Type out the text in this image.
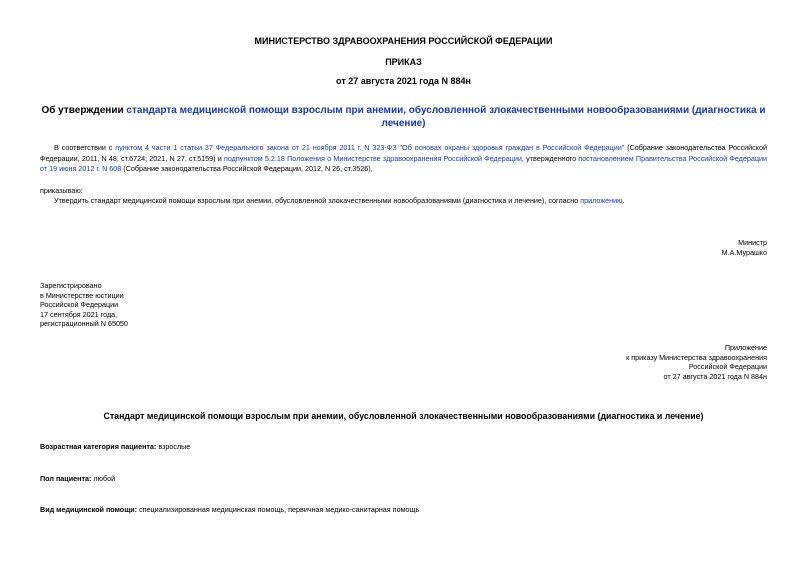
МИНИСТЕРСТВО ЗДРАВООХРАНЕНИЯ РОССИЙСКОЙ ФЕДЕРАЦИИ
ПРИКАЗ
от 27 августа 2021 года N 884н
Об утверждении стандарта медицинской помощи взрослым при анемии, обусловленной злокачественными новообразованиями (диагностика и лечение)
В соответствии с пунктом 4 части 1 статьи 37 Федерального закона от 21 ноября 2011 г. N 323-ФЗ "Об основах охраны здоровья граждан в Российской Федерации" (Собрание законодательства Российской Федерации, 2011, N 48, ст.6724; 2021, N 27, ст.5159) и подпунктом 5.2.18 Положения о Министерстве здравоохранения Российской Федерации, утвержденного постановлением Правительства Российской Федерации от 19 июня 2012 г. N 608 (Собрание законодательства Российской Федерации, 2012, N 26, ст.3526),
приказываю:
Утвердить стандарт медицинской помощи взрослым при анемии, обусловленной злокачественными новообразованиями (диагностика и лечение), согласно приложению.
Министр
М.А.Мурашко
Зарегистрировано
в Министерстве юстиции
Российской Федерации
17 сентября 2021 года,
регистрационный N 65050
Приложение
к приказу Министерства здравоохранения
Российской Федерации
от 27 августа 2021 года N 884н
Стандарт медицинской помощи взрослым при анемии, обусловленной злокачественными новообразованиями (диагностика и лечение)
Возрастная категория пациента: взрослые
Пол пациента: любой
Вид медицинской помощи: специализированная медицинская помощь, первичная медико-санитарная помощь
